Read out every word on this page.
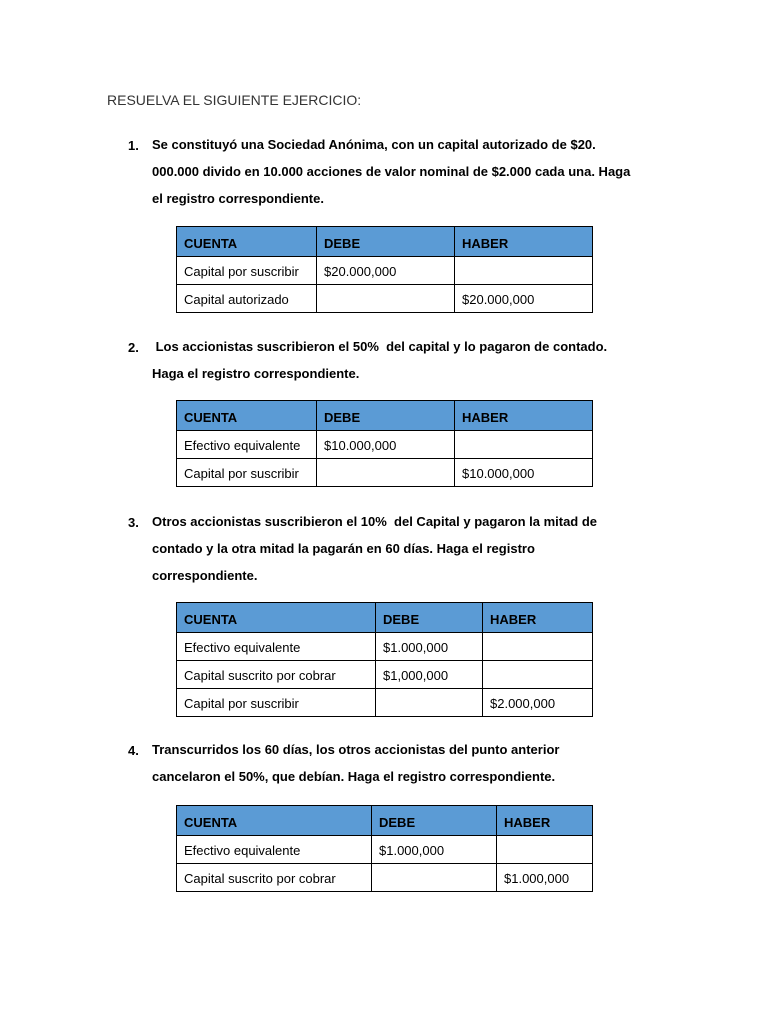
RESUELVA EL SIGUIENTE EJERCICIO:
1. Se constituyó una Sociedad Anónima, con un capital autorizado de $20.
000.000 divido en 10.000 acciones de valor nominal de $2.000 cada una. Haga
el registro correspondiente.
CUENTA	DEBE	HABER
Capital por suscribir	$20.000,000	
Capital autorizado		$20.000,000
2. Los accionistas suscribieron el 50%  del capital y lo pagaron de contado.
Haga el registro correspondiente.
CUENTA	DEBE	HABER
Efectivo equivalente	$10.000,000	
Capital por suscribir		$10.000,000
3. Otros accionistas suscribieron el 10%  del Capital y pagaron la mitad de
contado y la otra mitad la pagarán en 60 días. Haga el registro
correspondiente.
CUENTA	DEBE	HABER
Efectivo equivalente	$1.000,000	
Capital suscrito por cobrar	$1,000,000	
Capital por suscribir		$2.000,000
4. Transcurridos los 60 días, los otros accionistas del punto anterior
cancelaron el 50%, que debían. Haga el registro correspondiente.
CUENTA	DEBE	HABER
Efectivo equivalente	$1.000,000	
Capital suscrito por cobrar		$1.000,000
